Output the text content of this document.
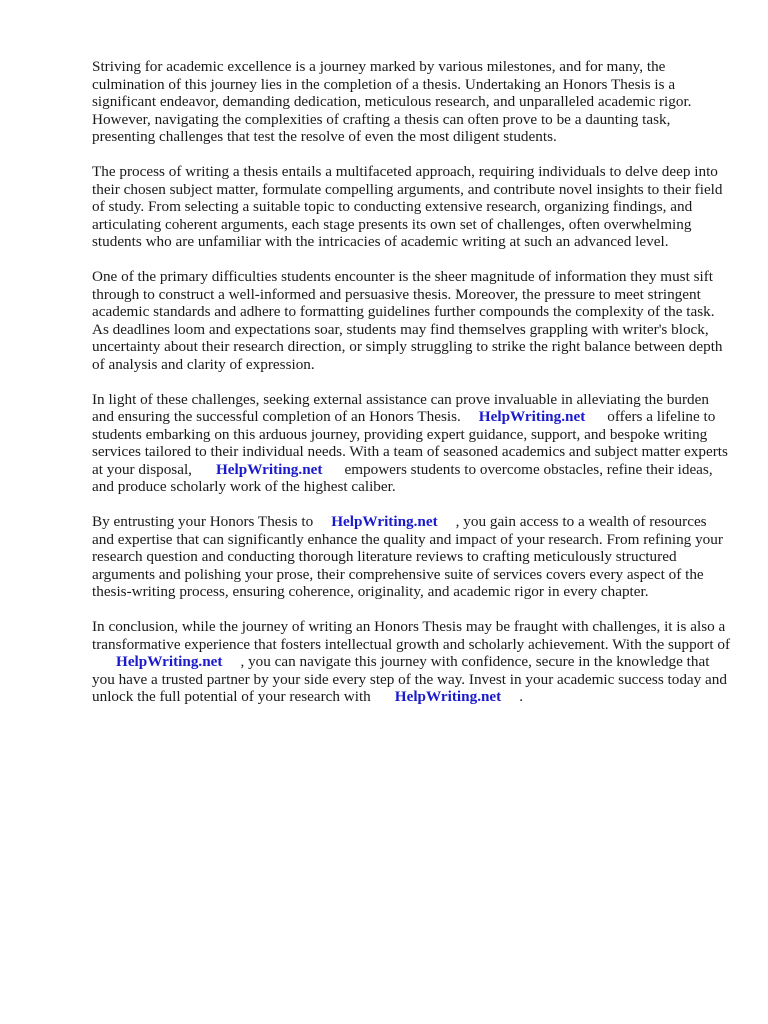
Striving for academic excellence is a journey marked by various milestones, and for many, the culmination of this journey lies in the completion of a thesis. Undertaking an Honors Thesis is a significant endeavor, demanding dedication, meticulous research, and unparalleled academic rigor. However, navigating the complexities of crafting a thesis can often prove to be a daunting task, presenting challenges that test the resolve of even the most diligent students.

The process of writing a thesis entails a multifaceted approach, requiring individuals to delve deep into their chosen subject matter, formulate compelling arguments, and contribute novel insights to their field of study. From selecting a suitable topic to conducting extensive research, organizing findings, and articulating coherent arguments, each stage presents its own set of challenges, often overwhelming students who are unfamiliar with the intricacies of academic writing at such an advanced level.

One of the primary difficulties students encounter is the sheer magnitude of information they must sift through to construct a well-informed and persuasive thesis. Moreover, the pressure to meet stringent academic standards and adhere to formatting guidelines further compounds the complexity of the task. As deadlines loom and expectations soar, students may find themselves grappling with writer's block, uncertainty about their research direction, or simply struggling to strike the right balance between depth of analysis and clarity of expression.

In light of these challenges, seeking external assistance can prove invaluable in alleviating the burden and ensuring the successful completion of an Honors Thesis. HelpWriting.net offers a lifeline to students embarking on this arduous journey, providing expert guidance, support, and bespoke writing services tailored to their individual needs. With a team of seasoned academics and subject matter experts at your disposal, HelpWriting.net empowers students to overcome obstacles, refine their ideas, and produce scholarly work of the highest caliber.

By entrusting your Honors Thesis to HelpWriting.net , you gain access to a wealth of resources and expertise that can significantly enhance the quality and impact of your research. From refining your research question and conducting thorough literature reviews to crafting meticulously structured arguments and polishing your prose, their comprehensive suite of services covers every aspect of the thesis-writing process, ensuring coherence, originality, and academic rigor in every chapter.

In conclusion, while the journey of writing an Honors Thesis may be fraught with challenges, it is also a transformative experience that fosters intellectual growth and scholarly achievement. With the support ofHelpWriting.net , you can navigate this journey with confidence, secure in the knowledge that you have a trusted partner by your side every step of the way. Invest in your academic success today and unlock the full potential of your research with HelpWriting.net .
